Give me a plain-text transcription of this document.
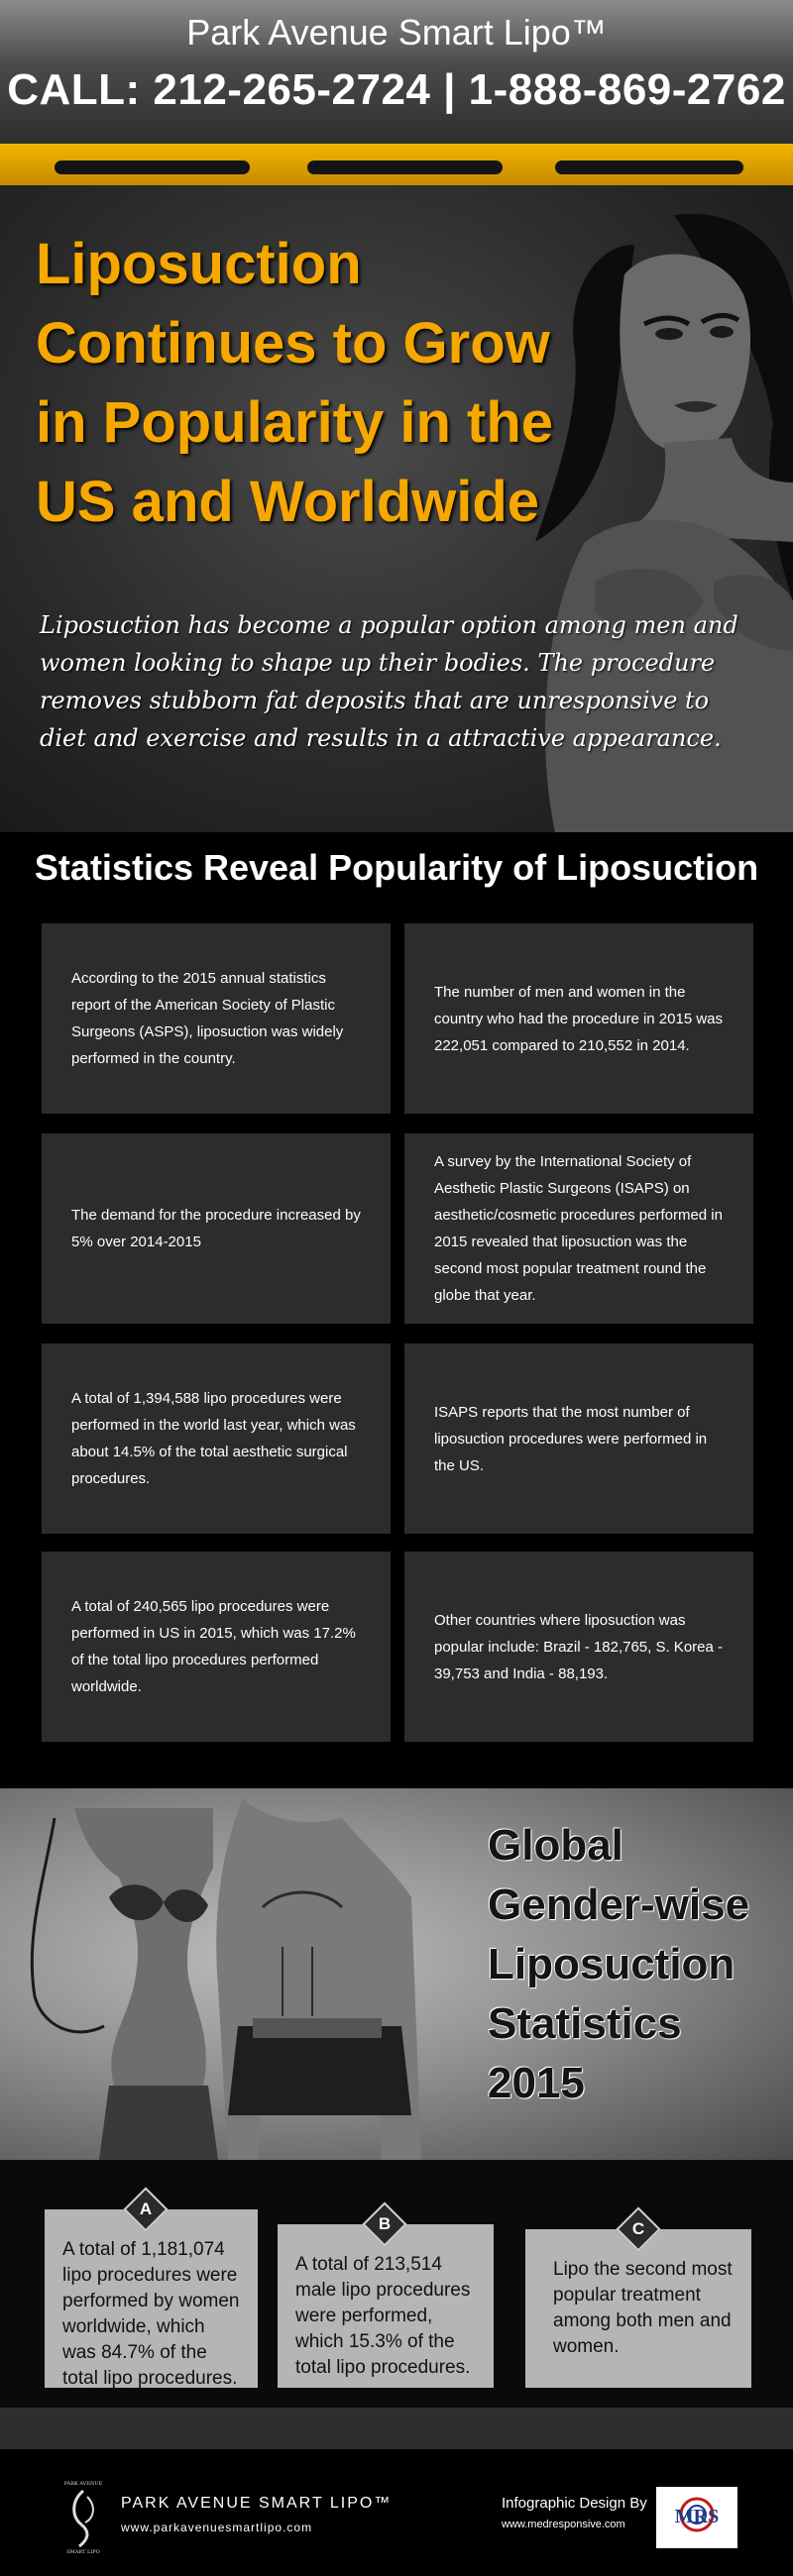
Park Avenue Smart Lipo™
CALL: 212-265-2724 | 1-888-869-2762
Liposuction Continues to Grow in Popularity in the US and Worldwide

Liposuction has become a popular option among men and women looking to shape up their bodies. The procedure removes stubborn fat deposits that are unresponsive to diet and exercise and results in a attractive appearance.

Statistics Reveal Popularity of Liposuction
According to the 2015 annual statistics report of the American Society of Plastic Surgeons (ASPS), liposuction was widely performed in the country.
The number of men and women in the country who had the procedure in 2015 was 222,051 compared to 210,552 in 2014.
The demand for the procedure increased by 5% over 2014-2015
A survey by the International Society of Aesthetic Plastic Surgeons (ISAPS) on aesthetic/cosmetic procedures performed in 2015 revealed that liposuction was the second most popular treatment round the globe that year.
A total of 1,394,588 lipo procedures were performed in the world last year, which was about 14.5% of the total aesthetic surgical procedures.
ISAPS reports that the most number of liposuction procedures were performed in the US.
A total of 240,565 lipo procedures were performed in US in 2015, which was 17.2% of the total lipo procedures performed worldwide.
Other countries where liposuction was popular include: Brazil - 182,765, S. Korea - 39,753 and India - 88,193.
Global Gender-wise Liposuction Statistics 2015
A
A total of 1,181,074 lipo procedures were performed by women worldwide, which was 84.7% of the total lipo procedures.
B
A total of 213,514 male lipo procedures were performed, which 15.3% of the total lipo procedures.
C
Lipo the second most popular treatment among both men and women.
PARK AVENUE
SMART LIPO
PARK AVENUE SMART LIPO™
www.parkavenuesmartlipo.com
Infographic Design By
www.medresponsive.com	MRS
